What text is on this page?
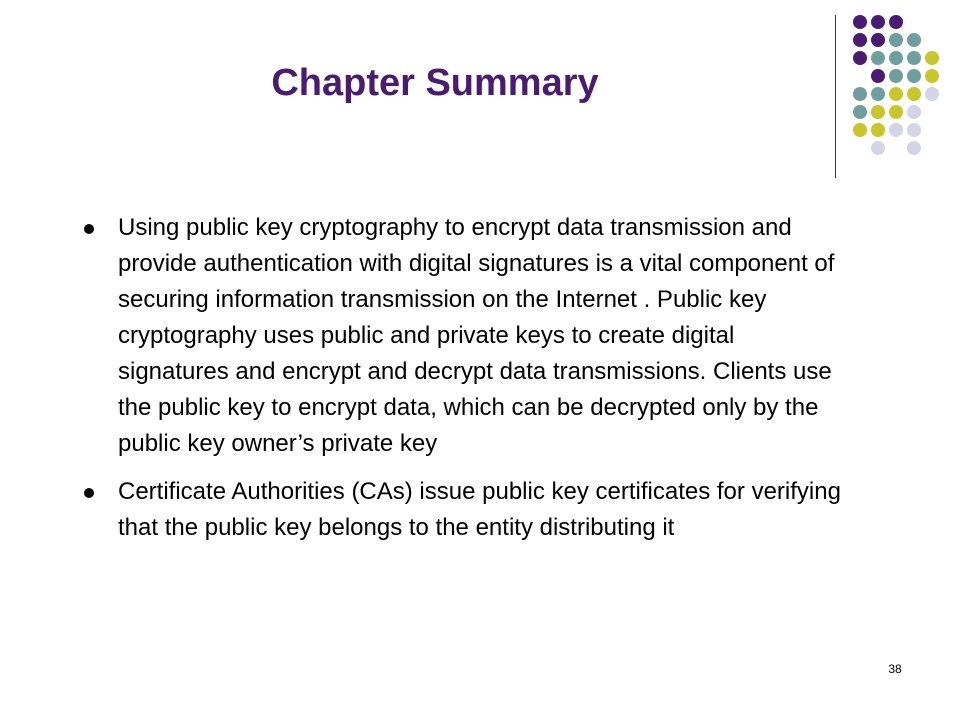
Chapter Summary
Using public key cryptography to encrypt data transmission and provide authentication with digital signatures is a vital component of securing information transmission on the Internet . Public key cryptography uses public and private keys to create digital signatures and encrypt and decrypt data transmissions. Clients use the public key to encrypt data, which can be decrypted only by the public key owner’s private key
Certificate Authorities (CAs) issue public key certificates for verifying that the public key belongs to the entity distributing it
38
